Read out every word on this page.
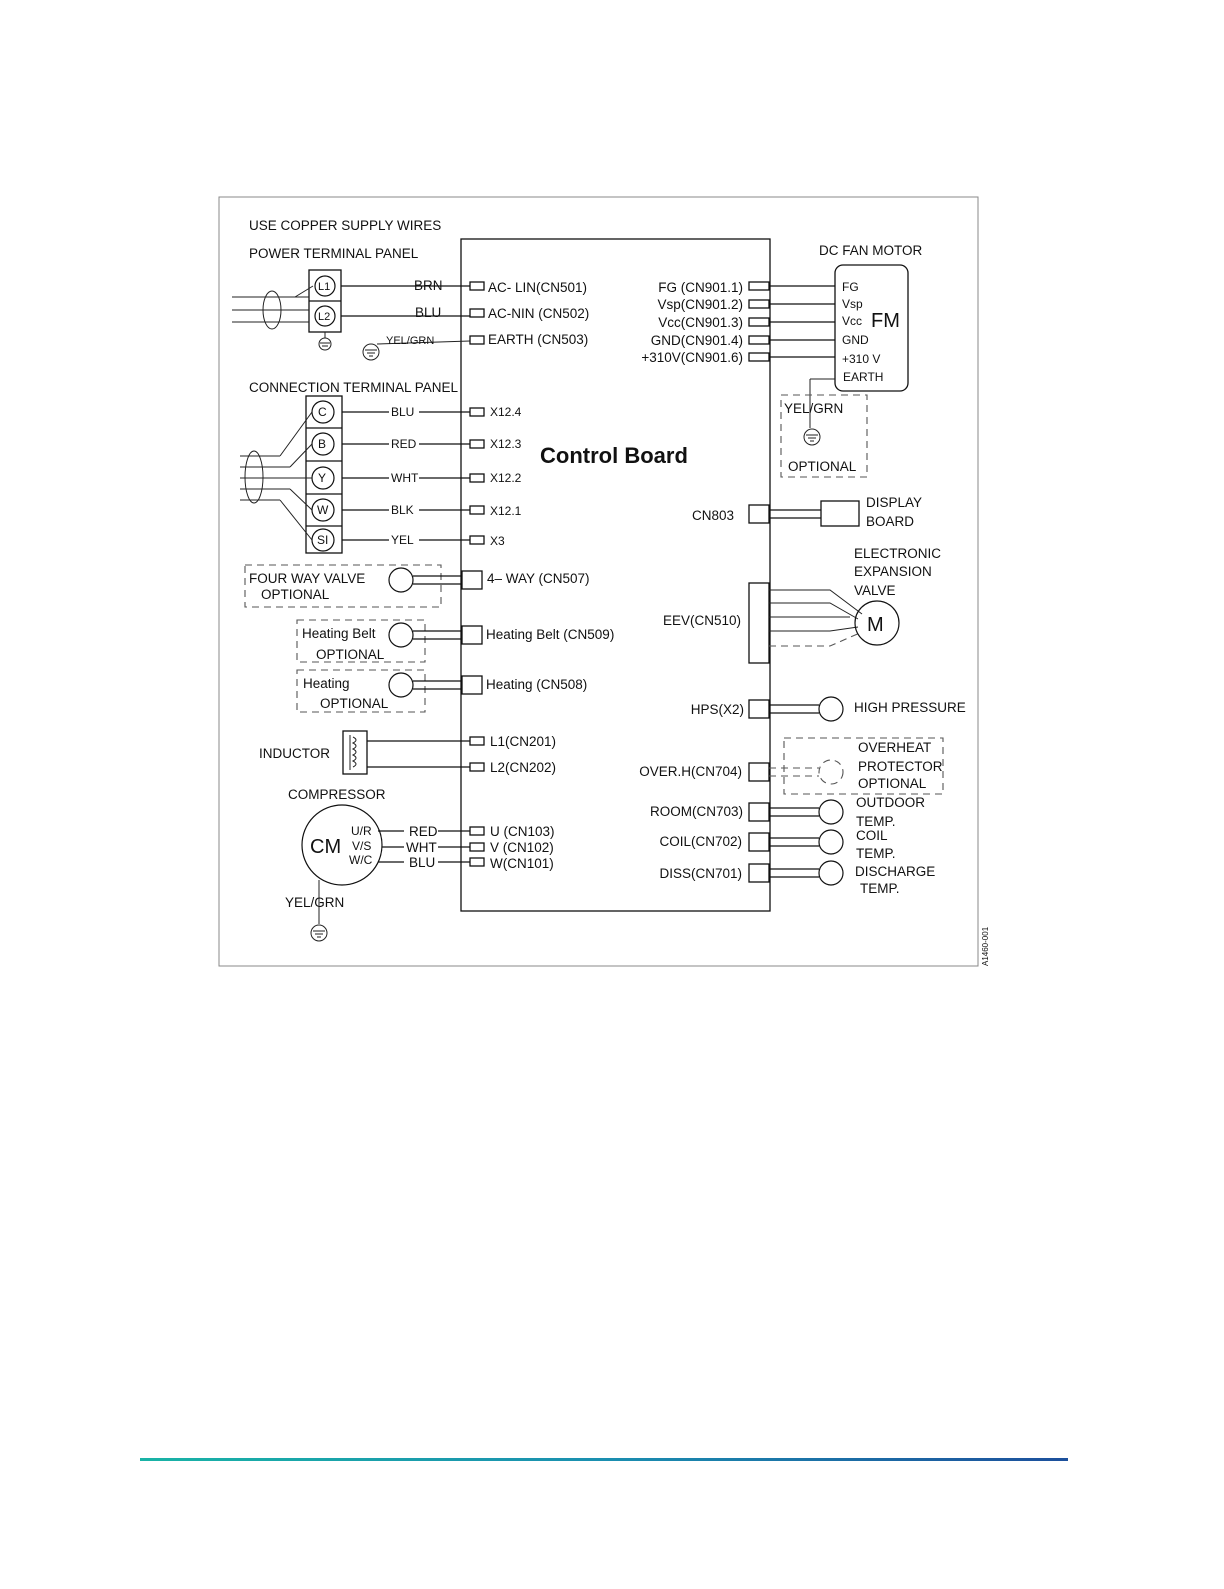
USE COPPER SUPPLY WIRES
Control Board
POWER TERMINAL PANEL
L1
L2
BRN
BLU
YEL/GRN
AC- LIN(CN501)
AC-NIN (CN502)
EARTH (CN503)
CONNECTION TERMINAL PANEL
C
B
Y
W
SI
BLU
RED
WHT
BLK
YEL
X12.4
X12.3
X12.2
X12.1
X3
FOUR WAY VALVE
OPTIONAL
4– WAY (CN507)
Heating Belt
OPTIONAL
Heating Belt (CN509)
Heating
OPTIONAL
Heating (CN508)
INDUCTOR
L1(CN201)
L2(CN202)
COMPRESSOR
CM
U/R
V/S
W/C
RED
WHT
BLU
U (CN103)
V (CN102)
W(CN101)
YEL/GRN
DC FAN MOTOR
FG
Vsp
Vcc
GND
+310 V
EARTH
FM
FG (CN901.1)
Vsp(CN901.2)
Vcc(CN901.3)
GND(CN901.4)
+310V(CN901.6)
YEL/GRN
OPTIONAL
CN803
DISPLAY
BOARD
ELECTRONIC
EXPANSION
VALVE
EEV(CN510)	M
HPS(X2)	HIGH PRESSURE
OVER.H(CN704)
OVERHEAT
PROTECTOR
OPTIONAL
ROOM(CN703)
OUTDOOR
TEMP.
COIL(CN702)	COIL
TEMP.
DISS(CN701)	DISCHARGE
TEMP.
A1460-001
